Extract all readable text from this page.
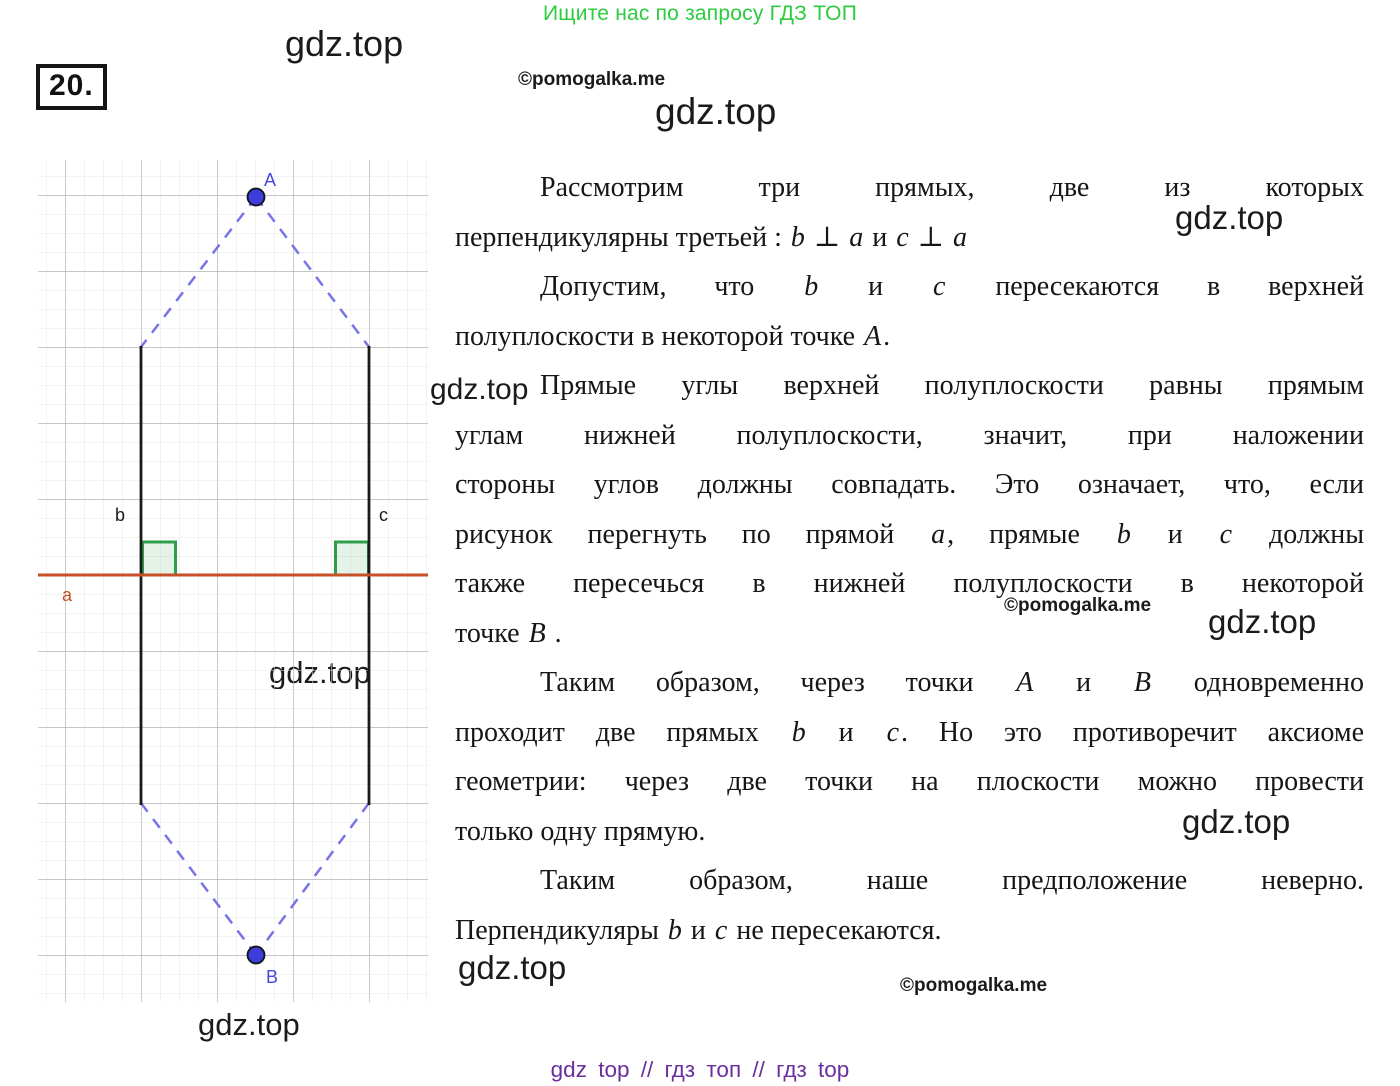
Ищите нас по запросу ГДЗ ТОП
gdz.top
©pomogalka.me
gdz.top
gdz.top
gdz.top
©pomogalka.me gdz.top
gdz.top
gdz.top	©pomogalka.me
gdz.top
20.
A
B
b	c
a
Рассмотрим три прямых, две из которых
перпендикулярны третьей : b ⊥ a и c ⊥ a
Допустим, что b и c пересекаются в верхней
полуплоскости в некоторой точке A.
Прямые углы верхней полуплоскости равны прямым
углам нижней полуплоскости, значит, при наложении
стороны углов должны совпадать. Это означает, что, если
рисунок перегнуть по прямой a, прямые b и c должны
также пересечься в нижней полуплоскости в некоторой
точке B .
Таким образом, через точки A и B одновременно
проходит две прямых b и c. Но это противоречит аксиоме
геометрии: через две точки на плоскости можно провести
только одну прямую.
Таким образом, наше предположение неверно.
Перпендикуляры b и c не пересекаются.
gdz top // гдз топ // гдз top
